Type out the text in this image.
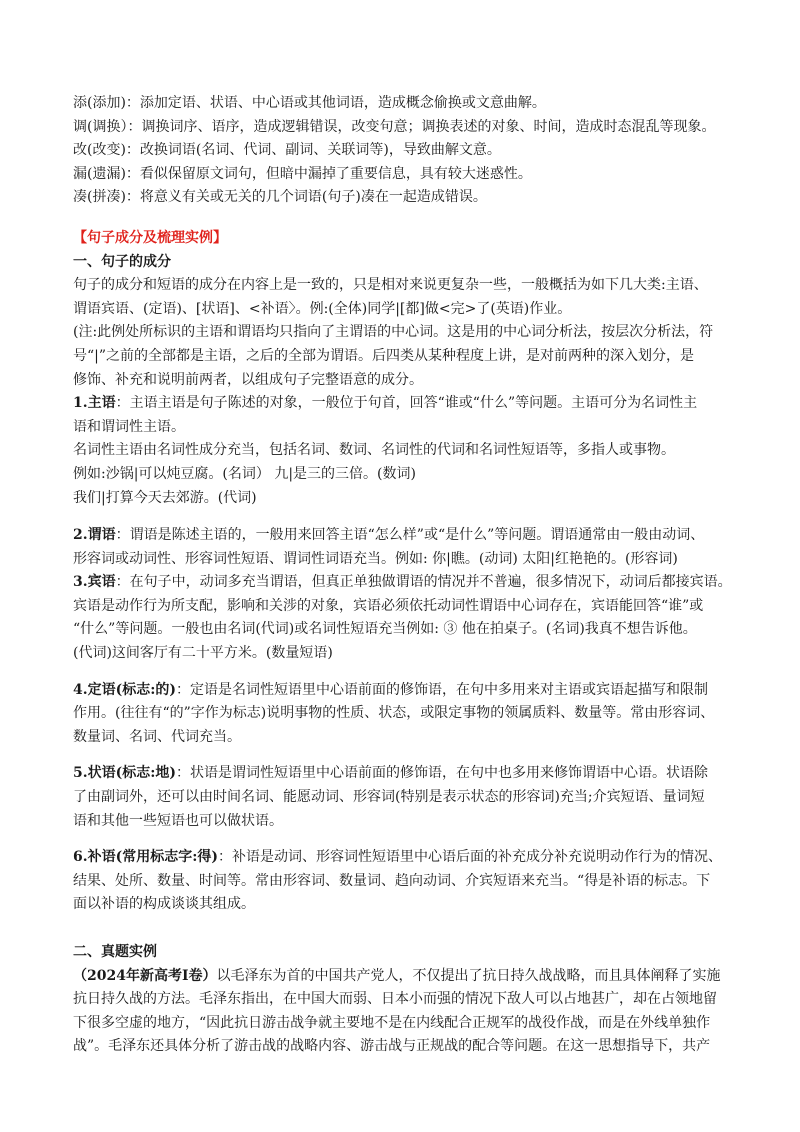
添(添加)：添加定语、状语、中心语或其他词语，造成概念偷换或文意曲解。

调(调换）：调换词序、语序，造成逻辑错误，改变句意；调换表述的对象、时间，造成时态混乱等现象。

改(改变)：改换词语(名词、代词、副词、关联词等)，导致曲解文意。

漏(遗漏)：看似保留原文词句，但暗中漏掉了重要信息，具有较大迷惑性。

凑(拼凑)：将意义有关或无关的几个词语(句子)凑在一起造成错误。

【句子成分及梳理实例】
一、句子的成分

句子的成分和短语的成分在内容上是一致的，只是相对来说更复杂一些，一般概括为如下几大类:主语、

谓语宾语、(定语)、[状语]、<补语〉。例:(全体)同学|[都]做<完>了(英语)作业。

(注:此例处所标识的主语和谓语均只指向了主谓语的中心词。这是用的中心词分析法，按层次分析法，符

号“|”之前的全部都是主语，之后的全部为谓语。后四类从某种程度上讲，是对前两种的深入划分，是

修饰、补充和说明前两者，以组成句子完整语意的成分。

1.主语：主语主语是句子陈述的对象，一般位于句首，回答“谁或“什么”等问题。主语可分为名词性主

语和谓词性主语。

名词性主语由名词性成分充当，包括名词、数词、名词性的代词和名词性短语等，多指人或事物。

例如:沙锅|可以炖豆腐。(名词） 九|是三的三倍。(数词)

我们|打算今天去郊游。(代词)

2.谓语：谓语是陈述主语的，一般用来回答主语“怎么样”或“是什么”等问题。谓语通常由一般由动词、

形容词或动词性、形容词性短语、谓词性词语充当。例如: 你|瞧。(动词) 太阳|红艳艳的。(形容词)

3.宾语：在句子中，动词多充当谓语，但真正单独做谓语的情况并不普遍，很多情况下，动词后都接宾语。

宾语是动作行为所支配，影响和关涉的对象，宾语必须依托动词性谓语中心词存在，宾语能回答“谁”或

“什么”等问题。一般也由名词(代词)或名词性短语充当例如: ③ 他在拍桌子。(名词)我真不想告诉他。

(代词)这间客厅有二十平方米。(数量短语)

4.定语(标志:的)：定语是名词性短语里中心语前面的修饰语，在句中多用来对主语或宾语起描写和限制

作用。(往往有“的”字作为标志)说明事物的性质、状态，或限定事物的领属质料、数量等。常由形容词、

数量词、名词、代词充当。

5.状语(标志:地)：状语是谓词性短语里中心语前面的修饰语，在句中也多用来修饰谓语中心语。状语除

了由副词外，还可以由时间名词、能愿动词、形容词(特别是表示状态的形容词)充当;介宾短语、量词短

语和其他一些短语也可以做状语。

6.补语(常用标志字:得)：补语是动词、形容词性短语里中心语后面的补充成分补充说明动作行为的情况、

结果、处所、数量、时间等。常由形容词、数量词、趋向动词、介宾短语来充当。“得是补语的标志。下

面以补语的构成谈谈其组成。

二、真题实例

（2024年新高考Ⅰ卷）以毛泽东为首的中国共产党人，不仅提出了抗日持久战战略，而且具体阐释了实施

抗日持久战的方法。毛泽东指出，在中国大而弱、日本小而强的情况下敌人可以占地甚广，却在占领地留

下很多空虚的地方，“因此抗日游击战争就主要地不是在内线配合正规军的战役作战，而是在外线单独作

战”。毛泽东还具体分析了游击战的战略内容、游击战与正规战的配合等问题。在这一思想指导下，共产
